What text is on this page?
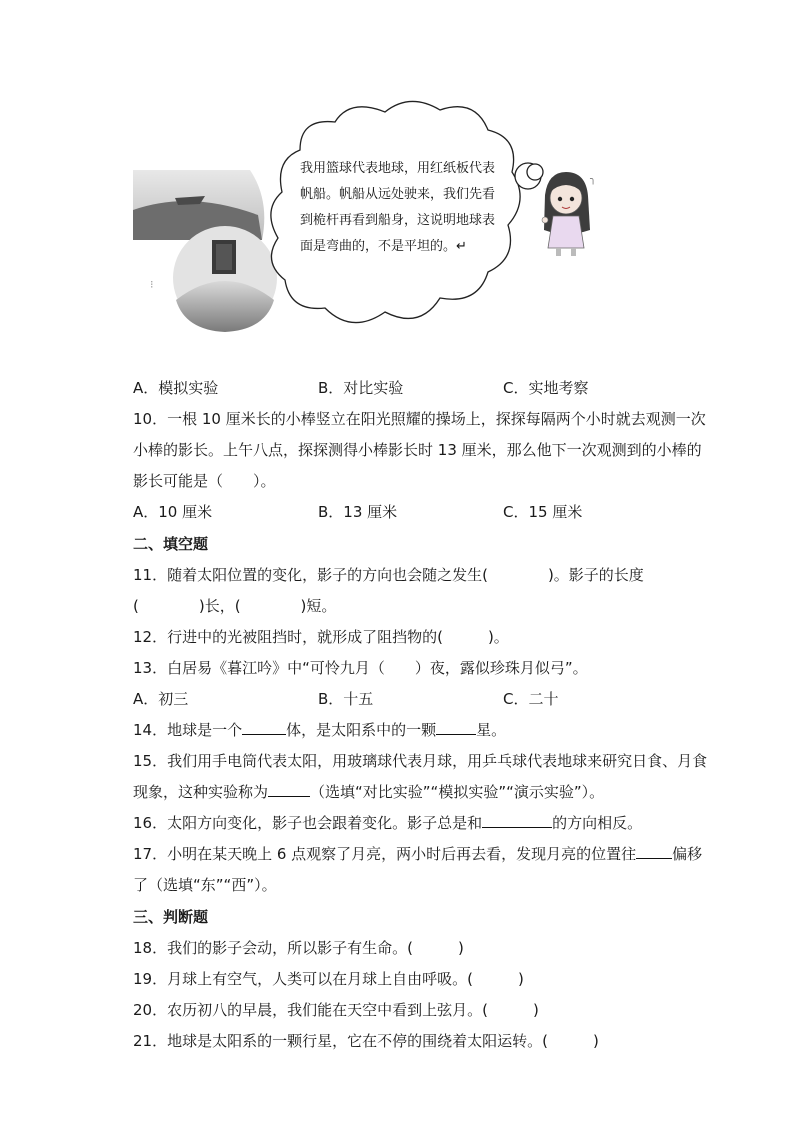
⁝
╮
我用篮球代表地球，用红纸板代表帆船。帆船从远处驶来，我们先看到桅杆再看到船身，这说明地球表面是弯曲的，不是平坦的。↵
A．模拟实验	B．对比实验	C．实地考察
10．一根 10 厘米长的小棒竖立在阳光照耀的操场上，探探每隔两个小时就去观测一次
小棒的影长。上午八点，探探测得小棒影长时 13 厘米，那么他下一次观测到的小棒的
影长可能是（　　）。
A．10 厘米	B．13 厘米	C．15 厘米
二、填空题
11．随着太阳位置的变化，影子的方向也会随之发生(　　　　)。影子的长度
(　　　　)长，(　　　　)短。
12．行进中的光被阻挡时，就形成了阻挡物的(　　　)。
13．白居易《暮江吟》中“可怜九月（　　）夜，露似珍珠月似弓”。
A．初三	B．十五	C．二十
14．地球是一个	体，是太阳系中的一颗	星。
15．我们用手电筒代表太阳，用玻璃球代表月球，用乒乓球代表地球来研究日食、月食
现象，这种实验称为	（选填“对比实验”“模拟实验”“演示实验”）。
16．太阳方向变化，影子也会跟着变化。影子总是和	的方向相反。
17．小明在某天晚上 6 点观察了月亮，两小时后再去看，发现月亮的位置往 偏移
了（选填“东”“西”）。
三、判断题
18．我们的影子会动，所以影子有生命。(　　　)
19．月球上有空气，人类可以在月球上自由呼吸。(　　　)
20．农历初八的早晨，我们能在天空中看到上弦月。(　　　)
21．地球是太阳系的一颗行星，它在不停的围绕着太阳运转。(　　　)
